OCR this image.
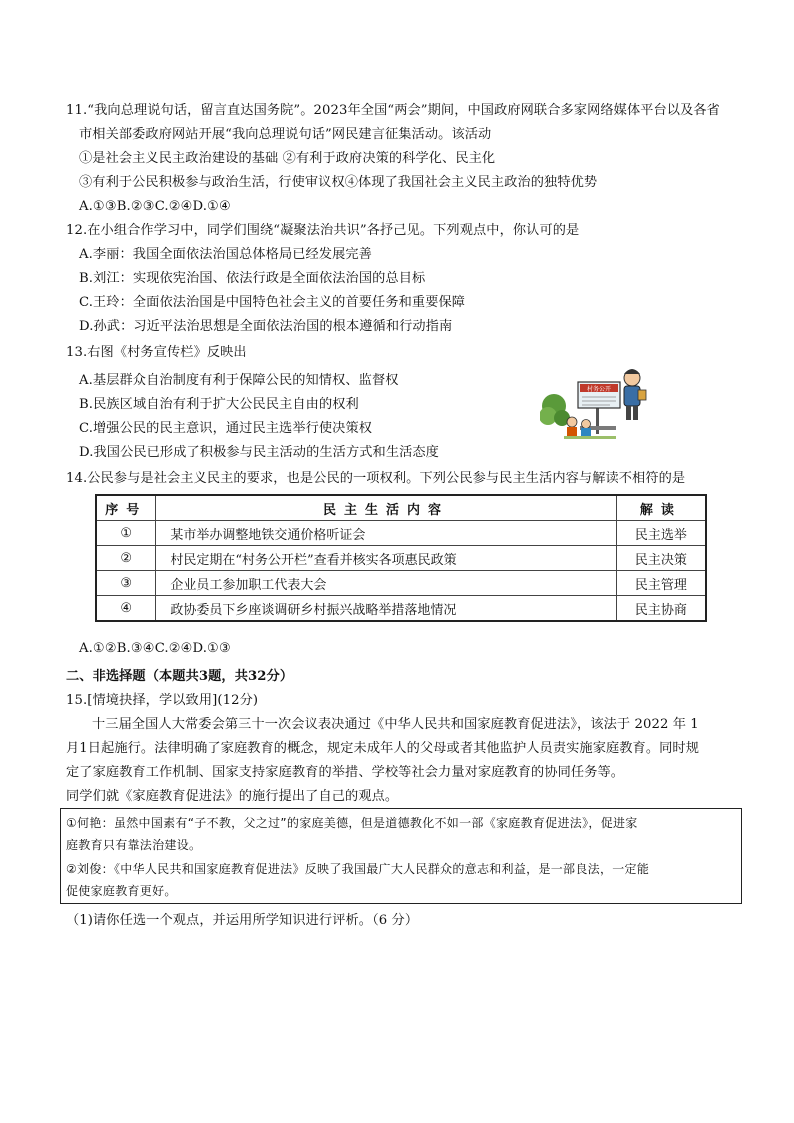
11.“我向总理说句话，留言直达国务院”。2023年全国“两会”期间，中国政府网联合多家网络媒体平台以及各省
市相关部委政府网站开展“我向总理说句话”网民建言征集活动。该活动
①是社会主义民主政治建设的基础 ②有利于政府决策的科学化、民主化
③有利于公民积极参与政治生活，行使审议权④体现了我国社会主义民主政治的独特优势
A.①③B.②③C.②④D.①④
12.在小组合作学习中，同学们围绕“凝聚法治共识”各抒己见。下列观点中，你认可的是
A.李丽：我国全面依法治国总体格局已经发展完善
B.刘江：实现依宪治国、依法行政是全面依法治国的总目标
C.王玲：全面依法治国是中国特色社会主义的首要任务和重要保障
D.孙武：习近平法治思想是全面依法治国的根本遵循和行动指南
13.右图《村务宣传栏》反映出
A.基层群众自治制度有利于保障公民的知情权、监督权
B.民族区域自治有利于扩大公民民主自由的权利
C.增强公民的民主意识，通过民主选举行使决策权
D.我国公民已形成了积极参与民主活动的生活方式和生活态度
村务公开
14.公民参与是社会主义民主的要求，也是公民的一项权利。下列公民参与民主生活内容与解读不相符的是
序号	民主生活内容	解读
①	某市举办调整地铁交通价格听证会	民主选举
②	村民定期在“村务公开栏”查看并核实各项惠民政策	民主决策
③	企业员工参加职工代表大会	民主管理
④	政协委员下乡座谈调研乡村振兴战略举措落地情况	民主协商
A.①②B.③④C.②④D.①③
二、非选择题（本题共3题，共32分）
15.[情境抉择，学以致用](12分)
十三届全国人大常委会第三十一次会议表决通过《中华人民共和国家庭教育促进法》，该法于 2022 年 1
月1日起施行。法律明确了家庭教育的概念，规定未成年人的父母或者其他监护人员责实施家庭教育。同时规
定了家庭教育工作机制、国家支持家庭教育的举措、学校等社会力量对家庭教育的协同任务等。
同学们就《家庭教育促进法》的施行提出了自己的观点。
①何艳：虽然中国素有“子不教，父之过”的家庭美德，但是道德教化不如一部《家庭教育促进法》，促进家
庭教育只有靠法治建设。
②刘俊：《中华人民共和国家庭教育促进法》反映了我国最广大人民群众的意志和利益，是一部良法，一定能
促使家庭教育更好。
（1)请你任选一个观点，并运用所学知识进行评析。（6 分）
